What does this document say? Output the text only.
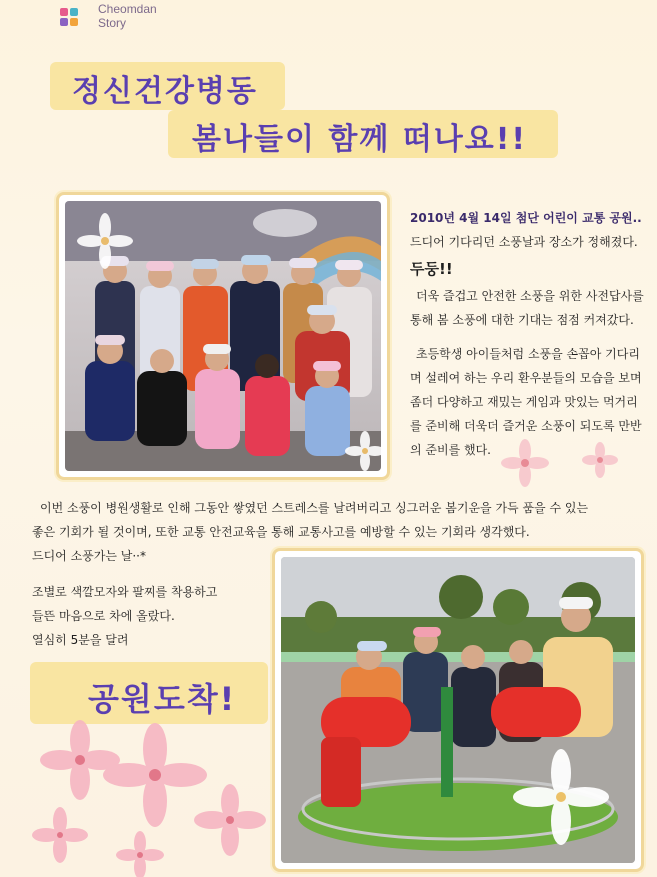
Cheomdan
Story
정신건강병동
봄나들이 함께 떠나요!!
2010년 4월 14일 첨단 어린이 교통 공원..
드디어 기다리던 소풍날과 장소가 정해졌다.
두둥!!
더욱 즐겁고 안전한 소풍을 위한 사전답사를
통해 봄 소풍에 대한 기대는 점점 커져갔다.
초등학생 아이들처럼 소풍을 손꼽아 기다리
며 설레여 하는 우리 환우분들의 모습을 보며
좀더 다양하고 재밌는 게임과 맛있는 먹거리
를 준비해 더욱더 즐거운 소풍이 되도록 만반
의 준비를 했다.
이번 소풍이 병원생활로 인해 그동안 쌓였던 스트레스를 날려버리고 싱그러운 봄기운을 가득 품을 수 있는
좋은 기회가 될 것이며, 또한 교통 안전교육을 통해 교통사고를 예방할 수 있는 기회라 생각했다.
드디어 소풍가는 날··*
조별로 색깔모자와 팔찌를 착용하고
들뜬 마음으로 차에 올랐다.
열심히 5분을 달려
공원도착!
